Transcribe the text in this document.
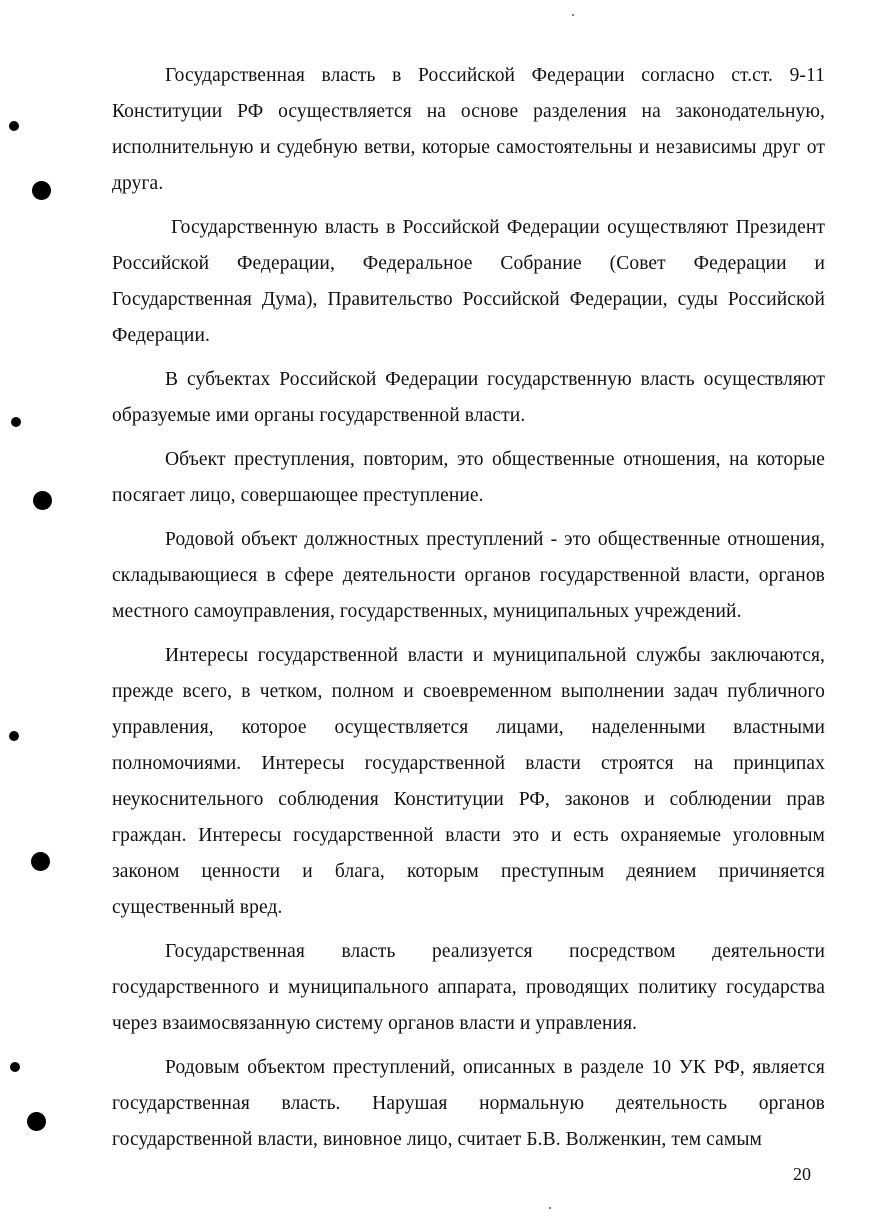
Государственная власть в Российской Федерации согласно ст.ст. 9-11 Конституции РФ осуществляется на основе разделения на законодательную, исполнительную и судебную ветви, которые самостоятельны и независимы друг от друга.

Государственную власть в Российской Федерации осуществляют Президент Российской Федерации, Федеральное Собрание (Совет Федерации и Государственная Дума), Правительство Российской Федерации, суды Российской Федерации.

В субъектах Российской Федерации государственную власть осуществляют образуемые ими органы государственной власти.

Объект преступления, повторим, это общественные отношения, на которые посягает лицо, совершающее преступление.

Родовой объект должностных преступлений - это общественные отношения, складывающиеся в сфере деятельности органов государственной власти, органов местного самоуправления, государственных, муниципальных учреждений.

Интересы государственной власти и муниципальной службы заключаются, прежде всего, в четком, полном и своевременном выполнении задач публичного управления, которое осуществляется лицами, наделенными властными полномочиями. Интересы государственной власти строятся на принципах неукоснительного соблюдения Конституции РФ, законов и соблюдении прав граждан. Интересы государственной власти это и есть охраняемые уголовным законом ценности и блага, которым преступным деянием причиняется существенный вред.

Государственная власть реализуется посредством деятельности государственного и муниципального аппарата, проводящих политику государства через взаимосвязанную систему органов власти и управления.

Родовым объектом преступлений, описанных в разделе 10 УК РФ, является государственная власть. Нарушая нормальную деятельность органов государственной власти, виновное лицо, считает Б.В. Волженкин, тем самым

20
